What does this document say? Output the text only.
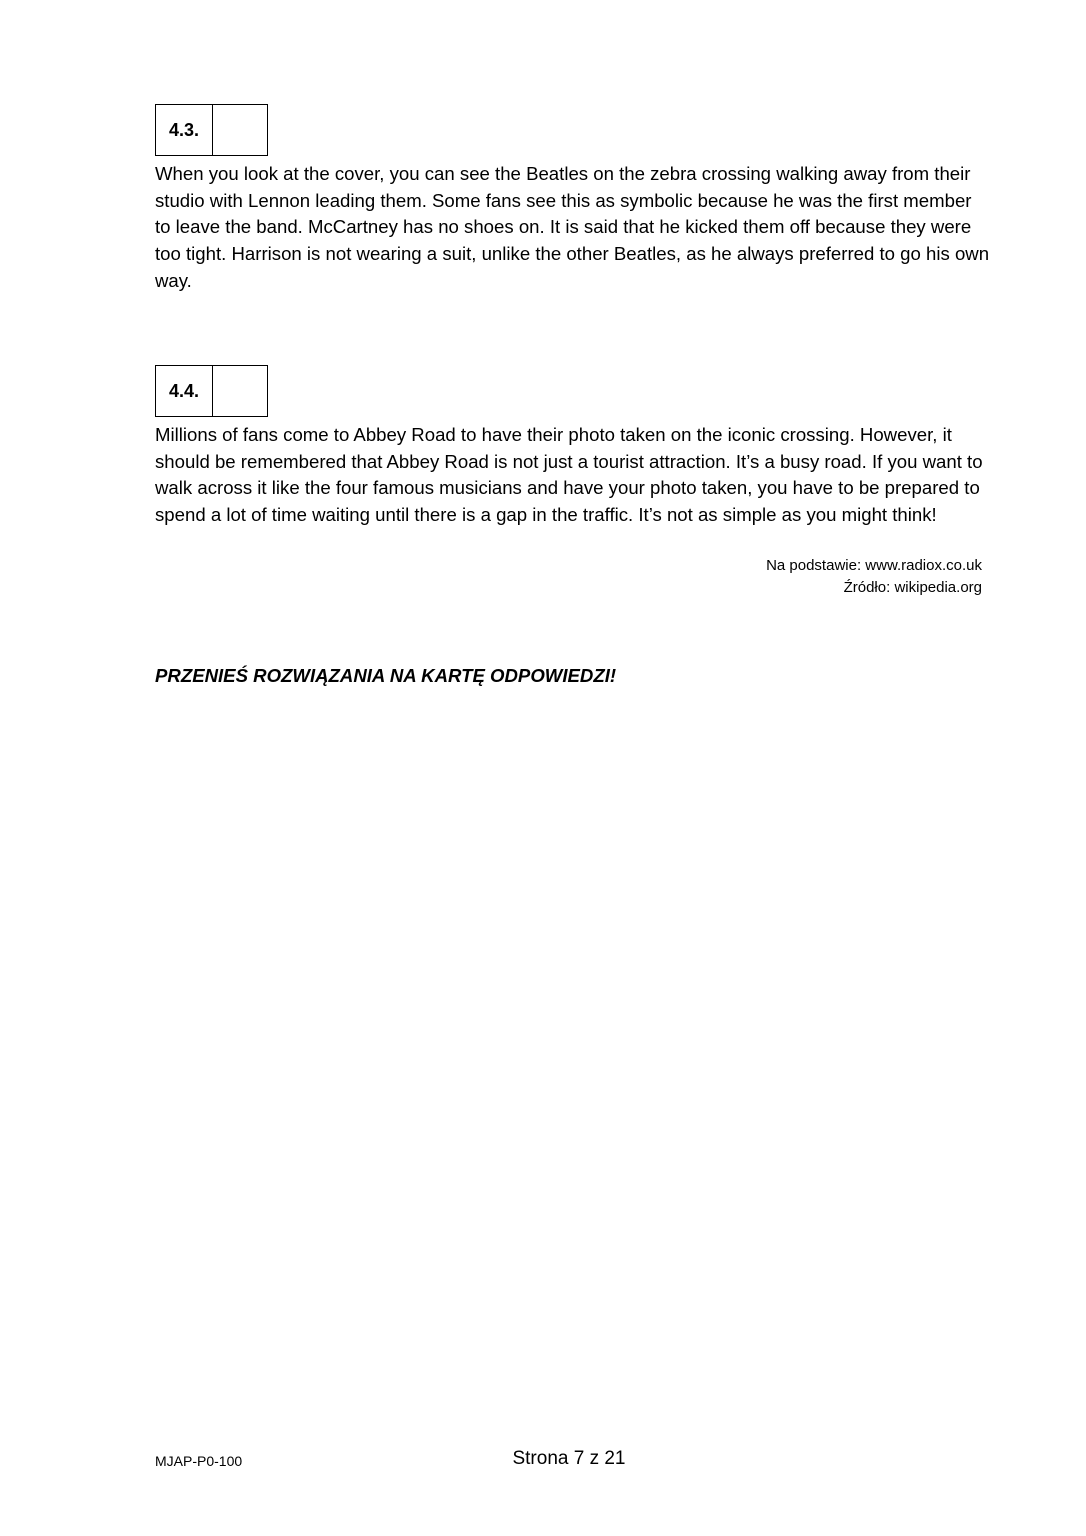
4.3.

When you look at the cover, you can see the Beatles on the zebra crossing walking away from their studio with Lennon leading them. Some fans see this as symbolic because he was the first member to leave the band. McCartney has no shoes on. It is said that he kicked them off because they were too tight. Harrison is not wearing a suit, unlike the other Beatles, as he always preferred to go his own way.

4.4.

Millions of fans come to Abbey Road to have their photo taken on the iconic crossing. However, it should be remembered that Abbey Road is not just a tourist attraction. It’s a busy road. If you want to walk across it like the four famous musicians and have your photo taken, you have to be prepared to spend a lot of time waiting until there is a gap in the traffic. It’s not as simple as you might think!

Na podstawie: www.radiox.co.uk
Źródło: wikipedia.org
PRZENIEŚ ROZWIĄZANIA NA KARTĘ ODPOWIEDZI!
MJAP-P0-100	Strona 7 z 21
